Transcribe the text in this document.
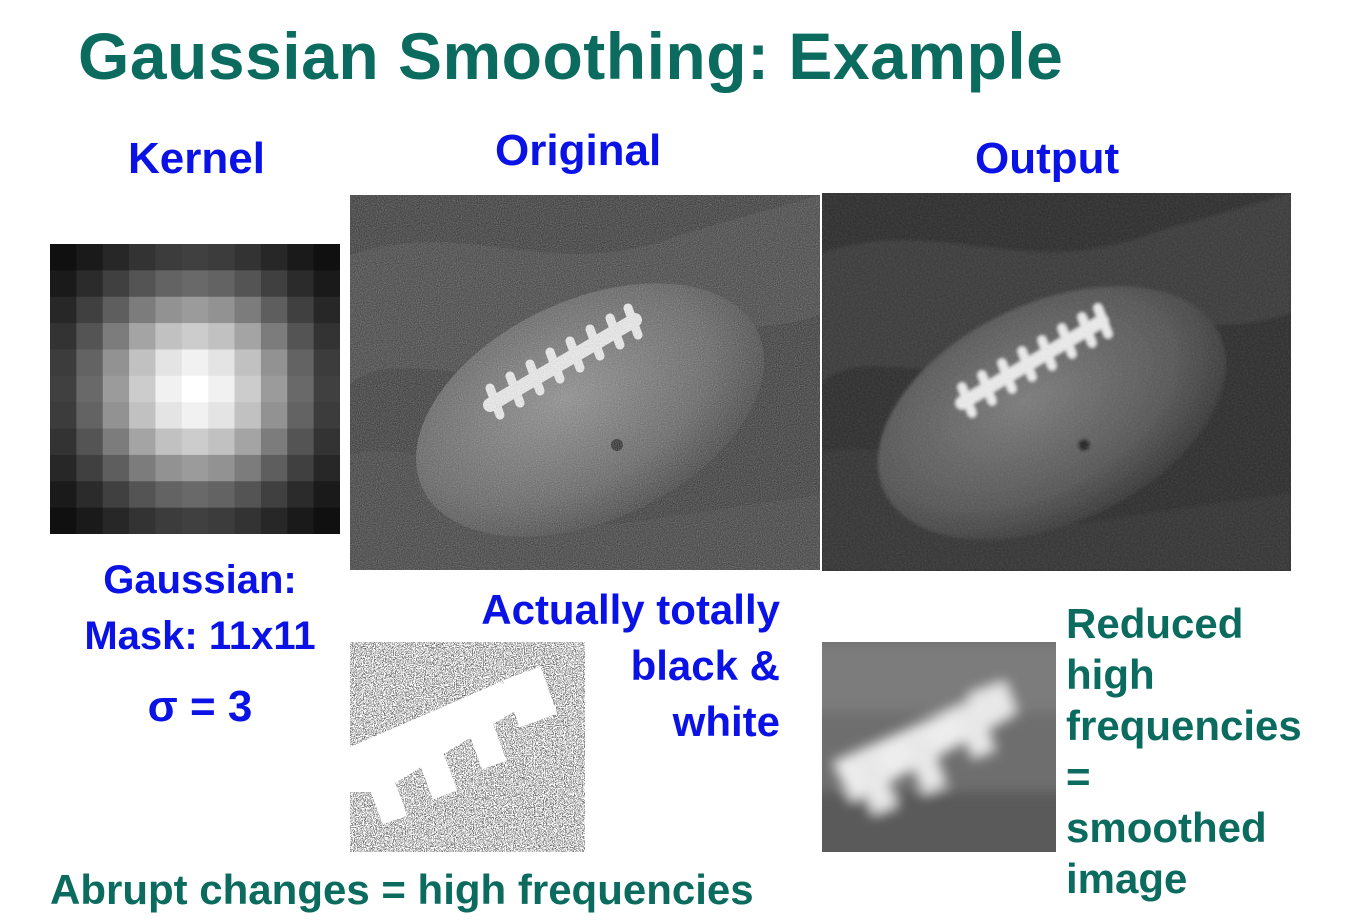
Gaussian Smoothing: Example
Kernel	Original	Output
Gaussian:
Mask: 11x11
σ = 3
Actually totally
black &
white
Reduced
high
frequencies
=
smoothed
image
Abrupt changes = high frequencies
